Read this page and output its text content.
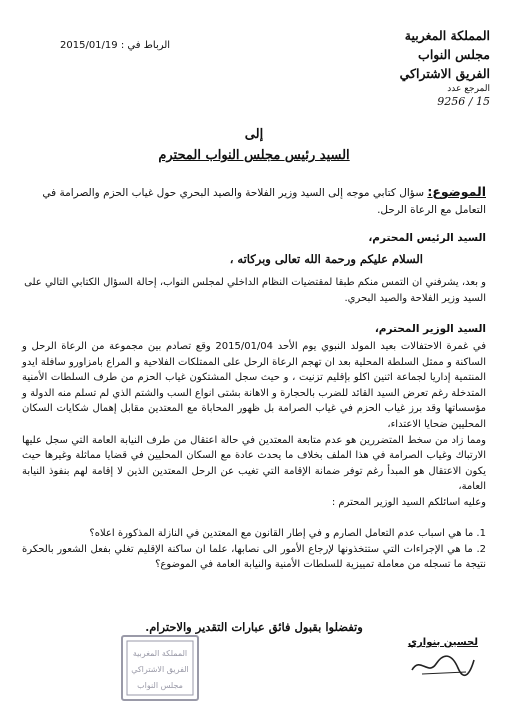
المملكة المغربية
مجلس النواب
الفريق الاشتراكي
المرجع عدد
15 / 9256
الرباط في : 2015/01/19
إلى
السيد رئيس مجلس النواب المحترم
الموضوع: سؤال كتابي موجه إلى السيد وزير الفلاحة والصيد البحري حول غياب الحزم والصرامة في التعامل مع الرعاة الرحل.
السيد الرئيس المحترم،
السلام عليكم ورحمة الله تعالى وبركاته ،
و بعد، يشرفني ان التمس منكم طبقا لمقتضيات النظام الداخلي لمجلس النواب، إحالة السؤال الكتابي التالي على السيد وزير الفلاحة والصيد البحري.
السيد الوزير المحترم،

في غمرة الاحتفالات بعيد المولد النبوي يوم الأحد 2015/01/04 وقع تصادم بين مجموعة من الرعاة الرحل و الساكنة و ممثل السلطة المحلية بعد ان تهجم الرعاة الرحل على الممتلكات الفلاحية و المراع بامزاورو سافلة ايدو المنتمية إداريا لجماعة اثنين اكلو بإقليم تزنيت ، و حيث سجل المشتكون غياب الحزم من طرف السلطات الأمنية المتدخلة رغم تعرض السيد القائد للضرب بالحجارة و الاهانة بشتى انواع السب والشتم الذي لم تسلم منه الدولة و مؤسساتها وقد برز غياب الحزم في غياب الصرامة بل ظهور المحاباة مع المعتدين مقابل إهمال شكايات السكان المحليين ضحايا الاعتداء،

ومما زاد من سخط المتضررين هو عدم متابعة المعتدين في حالة اعتقال من طرف النيابة العامة التي سجل عليها الارتباك وغياب الصرامة في هذا الملف بخلاف ما يحدث عادة مع السكان المحليين في قضايا مماثلة وغيرها حيث يكون الاعتقال هو المبدأ رغم توفر ضمانة الإقامة التي تغيب عن الرحل المعتدين الذين لا إقامة لهم بنفوذ النيابة العامة،

وعليه اسائلكم السيد الوزير المحترم :

1. ما هي اسباب عدم التعامل الصارم و في إطار القانون مع المعتدين في النازلة المذكورة اعلاه؟

2. ما هي الإجراءات التي ستتخذونها لإرجاع الأمور الى نصابها، علما ان ساكنة الإقليم تغلي بفعل الشعور بالحكرة نتيجة ما تسجله من معاملة تمييزية للسلطات الأمنية والنيابة العامة في الموضوع؟

وتفضلوا بقبول فائق عبارات التقدير والاحترام.
لحسين بنواري
المملكة المغربية
الفريق الاشتراكي
مجلس النواب
